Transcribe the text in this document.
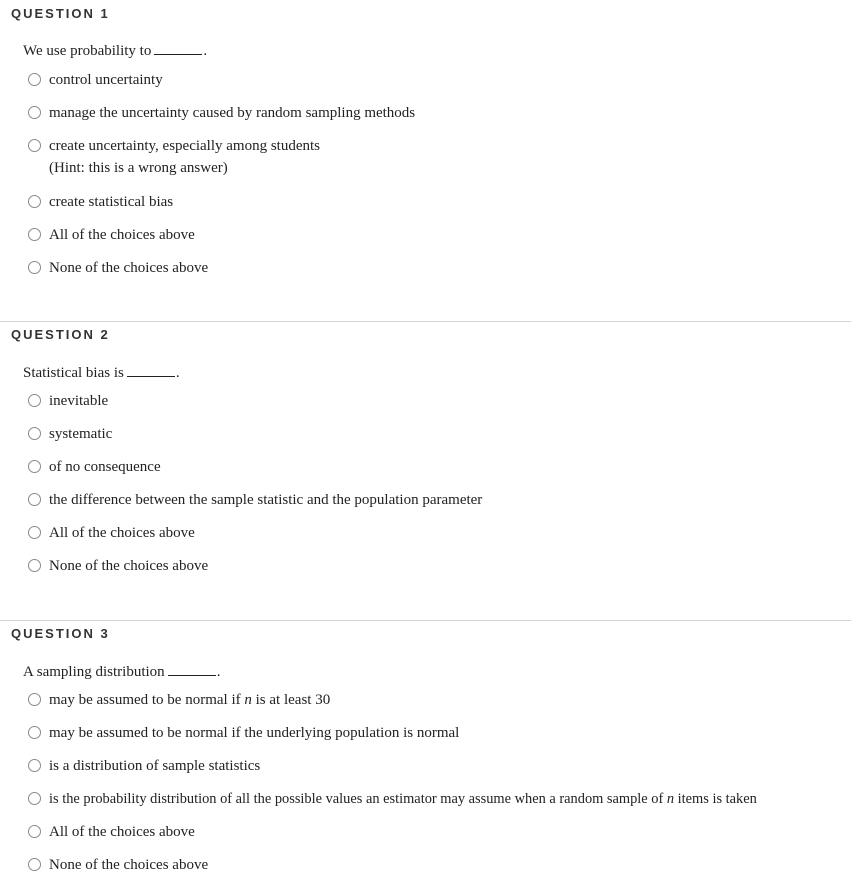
QUESTION 1
We use probability to	.
control uncertainty
manage the uncertainty caused by random sampling methods
create uncertainty, especially among students
(Hint: this is a wrong answer)
create statistical bias
All of the choices above
None of the choices above
QUESTION 2
Statistical bias is	.
inevitable
systematic
of no consequence
the difference between the sample statistic and the population parameter
All of the choices above
None of the choices above
QUESTION 3
A sampling distribution	.
may be assumed to be normal if n is at least 30
may be assumed to be normal if the underlying population is normal
is a distribution of sample statistics
is the probability distribution of all the possible values an estimator may assume when a random sample of n items is taken
All of the choices above
None of the choices above
